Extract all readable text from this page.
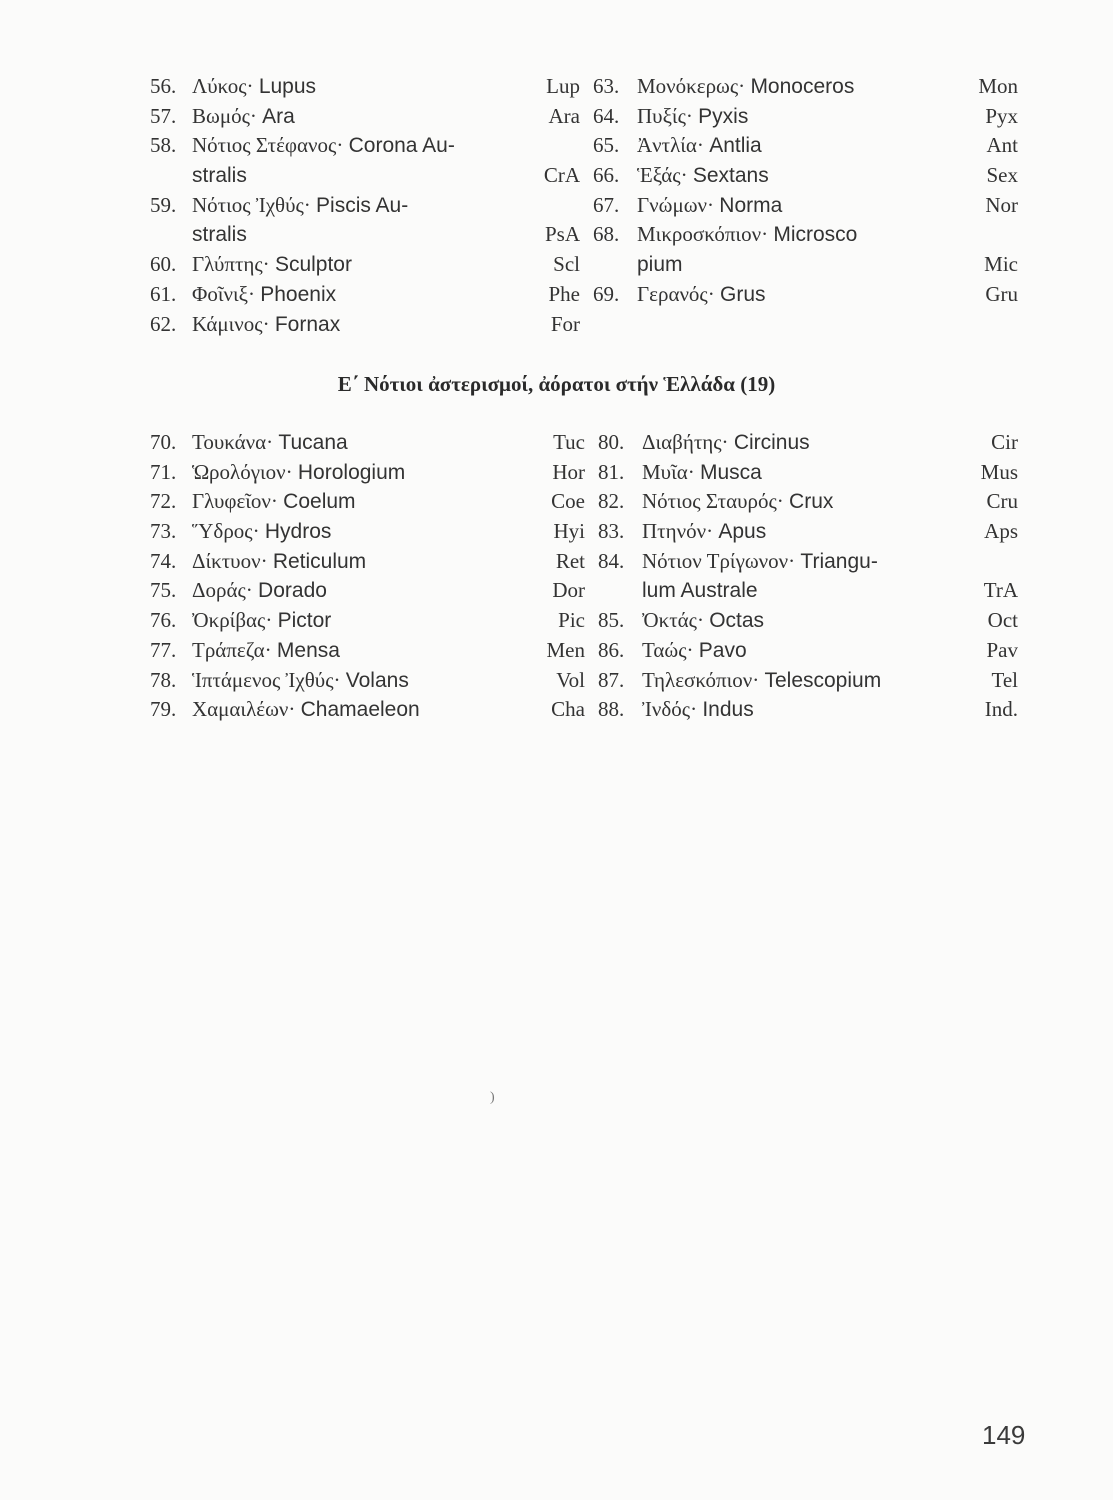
56. Λύκος· Lupus	Lup
57. Βωμός· Ara	Ara
58. Νότιος Στέφανος· Corona Au-
stralis	CrA
59. Νότιος Ἰχθύς· Piscis Au-
stralis	PsA
60. Γλύπτης· Sculptor	Scl
61. Φοῖνιξ· Phoenix	Phe
62. Κάμινος· Fornax	For
63. Μονόκερως· Monoceros	Mon
64. Πυξίς· Pyxis	Pyx
65. Ἀντλία· Antlia	Ant
66. Ἑξάς· Sextans	Sex
67. Γνώμων· Norma	Nor
68. Μικροσκόπιον· Microsco
pium	Mic
69. Γερανός· Grus	Gru
Ε΄ Νότιοι ἀστερισμοί, ἀόρατοι στήν Ἑλλάδα (19)
70. Τουκάνα· Tucana	Tuc
71. Ὡρολόγιον· Horologium	Hor
72. Γλυφεῖον· Coelum	Coe
73. Ὕδρος· Hydros	Hyi
74. Δίκτυον· Reticulum	Ret
75. Δοράς· Dorado	Dor
76. Ὀκρίβας· Pictor	Pic
77. Τράπεζα· Mensa	Men
78. Ἱπτάμενος Ἰχθύς· Volans	Vol
79. Χαμαιλέων· Chamaeleon	Cha
80. Διαβήτης· Circinus	Cir
81. Μυῖα· Musca	Mus
82. Νότιος Σταυρός· Crux	Cru
83. Πτηνόν· Apus	Aps
84. Νότιον Τρίγωνον· Triangu-
lum Australe	TrA
85. Ὀκτάς· Octas	Oct
86. Ταώς· Pavo	Pav
87. Τηλεσκόπιον· Telescopium	Tel
88. Ἰνδός· Indus	Ind.
)
149
